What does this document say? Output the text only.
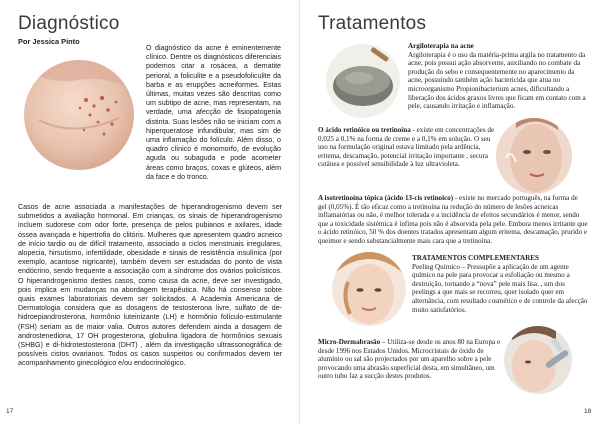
Diagnóstico
Por Jessica Pinto

O diagnóstico da acne é eminentemente clínico. Dentre os diagnósticos diferenciais podemos citar a rosácea, a dematite perioral, a foliculite e a pseudofoliculite da barba e as erupções acneiformes. Estas últimas, muitas vezes são descritas como um subtipo de acne, mas representam, na verdade, uma afecção de fisiopatogenia distinta. Suas lesões não se iniciam com a hiperqueratose infundibular, mas sim de uma inflamação do folículo. Além disso, o quadro clínico é monomorfo, de evolução aguda ou subaguda e pode acometer áreas como braços, coxas e glúteos, além da face e do tronco.

Casos de acne associada a manifestações de hiperandrogenismo devem ser submetidos a avaliação hormonal. Em crianças, os sinais de hiperandrogenismo incluem sudorese com odor forte, presença de pelos pubianos e axilares, idade óssea avançada e hipertrofia do clitóris. Mulheres que apresentem quadro acneico de início tardio ou de difícil tratamento, associado a ciclos menstruais irregulares, alopecia, hirsutismo, infertilidade, obesidade e sinais de resistência insulínica (por exemplo, acantose nigricante), também devem ser estudadas do ponto de vista endócrino, sendo frequente a associação com a síndrome dos ovários policísticos. O hiperandrogenismo destes casos, como causa da acne, deve ser investigado, pois implica em mudanças na abordagem terapêutica. Não há consenso sobre quais exames laboratoriais devem ser solicitados. A Academia Americana de Dermatologia considera que as dosagens de testosterona livre, sulfato de de-hidroepiandrosterona, hormônio luteinizante (LH) e hormônio folículo-estimulante (FSH) seriam as de maior valia. Outros autores defendem ainda a dosagem de androstenediona, 17 OH progesterona, globulina ligadora de hormônios sexuais (SHBG) e di-hidrotestosterona (DHT) , além da investigação ultrassonográfica de possíveis cistos ovarianos. Todos os casos suspeitos ou confirmados devem ter acompanhamento ginecológico e/ou endocrinológico.

17
Tratamentos
Argiloterapia na acne
Argiloterapia é o uso da matéria-prima argila no tratamento da acne, pois possui ação absorvente, auxiliando no combate da produção do sebo e consequentemente no aparecimento da acne, possuindo também ação bactericida que atua no microorganismo Propionibacterium acnes, dificultando a liberação dos ácidos graxos livres que ficam em contato com a pele, causando irritação e inflamação.
O ácido retinóico ou tretinoína - existe em concentrações de 0,025 a 0,1% na forma de creme e a 0,1% em solução. O seu uso na formulação original estava limitado pela ardência, eritema, descamação, potencial irritação importante , secura cutânea e possível sensibilidade à luz ultravioleta.
A isotretinoína tópica (ácido 13-cis retinoico) - existe no mercado português, na forma de gel (0,05%). É tão eficaz como a tretinoína na redução do número de lesões acneicas inflamatórias ou não, é melhor tolerada e a incidência de efeitos secundários é menor, sendo que a toxicidade sistémica é ínfima pois não é absorvida pela pele. Embora menos irritante que o ácido retinóico, 50 % dos doentes tratados apresentam algum eritema, descamação, prurido e queimor e sendo substancialmente mais cara que a tretinoína.
TRATAMENTOS COMPLEMENTARES
Peeling Químico – Pressupõe a aplicação de um agente químico na pele para provocar a esfoliação ou mesmo a destruição, tornando a “nova” pele mais lisa. , um dos peelings a que mais se recorreu, quer isolado quer em alternância, com resultado cosmético e de controle da afecção muito satisfatórios.
Micro-Dermabrasão – Utiliza-se desde os anos 80 na Europa e desde 1996 nos Estados Unidos. Microcristais de óxido de alumínio ou sal são projectados por um aparelho sobre a pele provocando uma abrasão superficial desta, em simultâneo, um outro tubo faz a sucção destes produtos.
18
